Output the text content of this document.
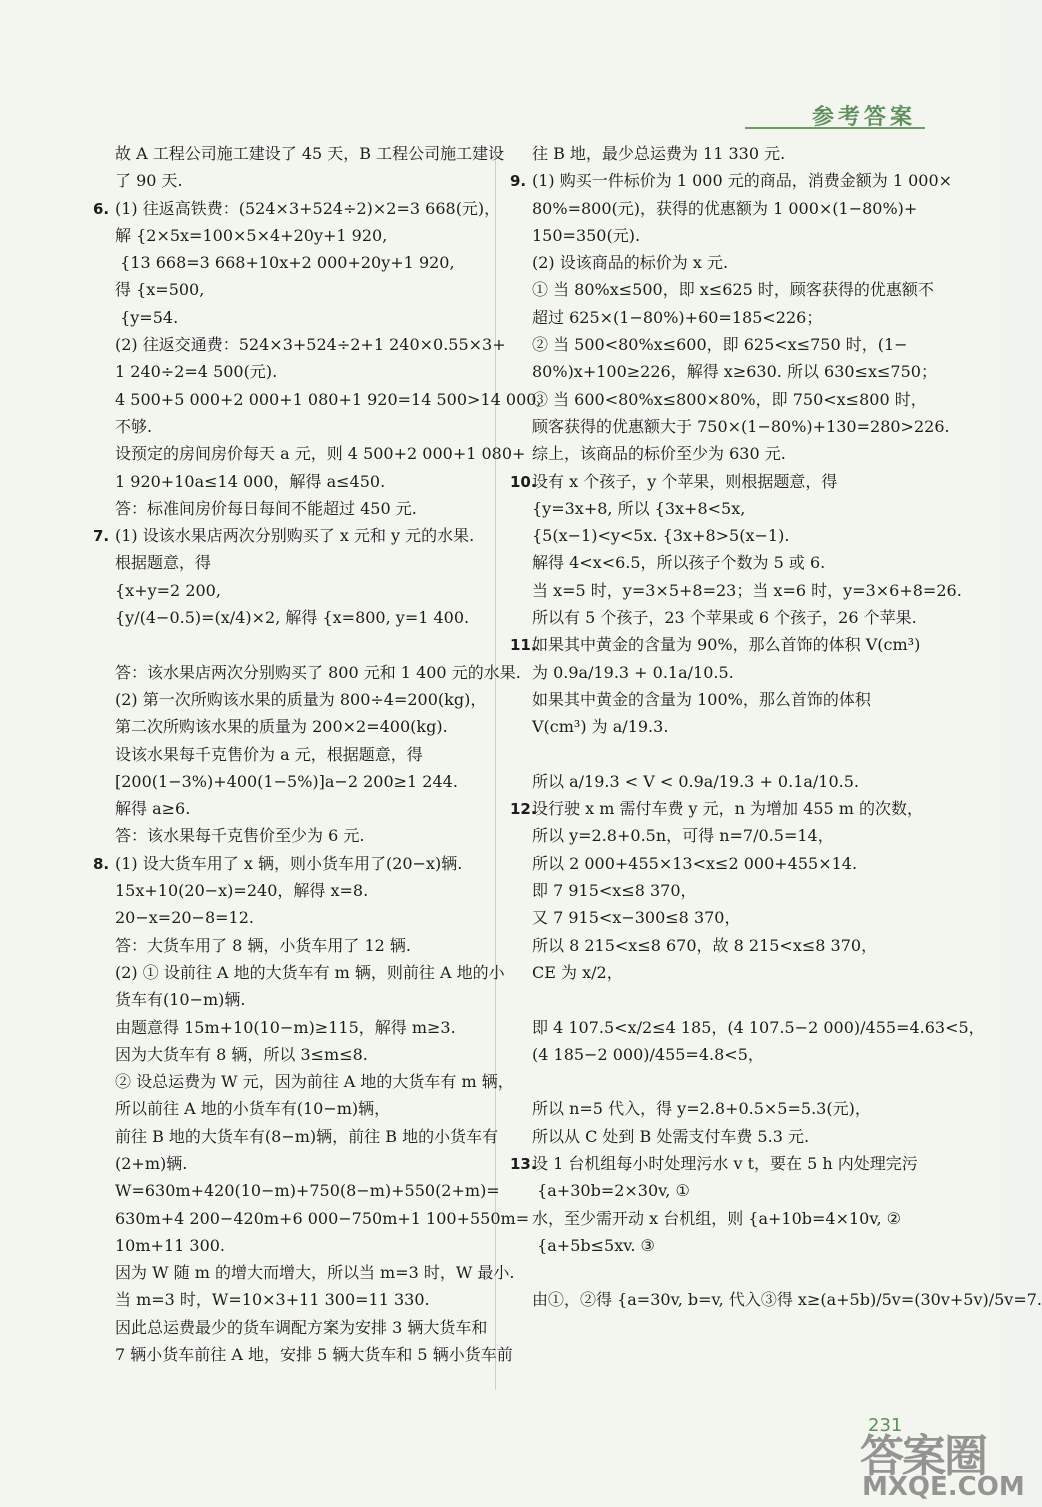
参考答案
故 A 工程公司施工建设了 45 天，B 工程公司施工建设
了 90 天.
6. (1) 往返高铁费：(524×3+524÷2)×2=3 668(元)，
解 {2×5x=100×5×4+20y+1 920,
{13 668=3 668+10x+2 000+20y+1 920,
得 {x=500,
{y=54.
(2) 往返交通费：524×3+524÷2+1 240×0.55×3+
1 240÷2=4 500(元).
4 500+5 000+2 000+1 080+1 920=14 500>14 000,
不够.
设预定的房间房价每天 a 元，则 4 500+2 000+1 080+
1 920+10a≤14 000，解得 a≤450.
答：标准间房价每日每间不能超过 450 元.
7. (1) 设该水果店两次分别购买了 x 元和 y 元的水果.
根据题意，得
{x+y=2 200,
{y/(4−0.5)=(x/4)×2, 解得 {x=800, y=1 400.
答：该水果店两次分别购买了 800 元和 1 400 元的水果.
(2) 第一次所购该水果的质量为 800÷4=200(kg)，
第二次所购该水果的质量为 200×2=400(kg).
设该水果每千克售价为 a 元，根据题意，得
[200(1−3%)+400(1−5%)]a−2 200≥1 244.
解得 a≥6.
答：该水果每千克售价至少为 6 元.
8. (1) 设大货车用了 x 辆，则小货车用了(20−x)辆.
15x+10(20−x)=240，解得 x=8.
20−x=20−8=12.
答：大货车用了 8 辆，小货车用了 12 辆.
(2) ① 设前往 A 地的大货车有 m 辆，则前往 A 地的小
货车有(10−m)辆.
由题意得 15m+10(10−m)≥115，解得 m≥3.
因为大货车有 8 辆，所以 3≤m≤8.
② 设总运费为 W 元，因为前往 A 地的大货车有 m 辆，
所以前往 A 地的小货车有(10−m)辆，
前往 B 地的大货车有(8−m)辆，前往 B 地的小货车有
(2+m)辆.
W=630m+420(10−m)+750(8−m)+550(2+m)=
630m+4 200−420m+6 000−750m+1 100+550m=
10m+11 300.
因为 W 随 m 的增大而增大，所以当 m=3 时，W 最小.
当 m=3 时，W=10×3+11 300=11 330.
因此总运费最少的货车调配方案为安排 3 辆大货车和
7 辆小货车前往 A 地，安排 5 辆大货车和 5 辆小货车前
往 B 地，最少总运费为 11 330 元.
9. (1) 购买一件标价为 1 000 元的商品，消费金额为 1 000×
80%=800(元)，获得的优惠额为 1 000×(1−80%)+
150=350(元).
(2) 设该商品的标价为 x 元.
① 当 80%x≤500，即 x≤625 时，顾客获得的优惠额不
超过 625×(1−80%)+60=185<226；
② 当 500<80%x≤600，即 625<x≤750 时，(1−
80%)x+100≥226，解得 x≥630. 所以 630≤x≤750；
③ 当 600<80%x≤800×80%，即 750<x≤800 时，
顾客获得的优惠额大于 750×(1−80%)+130=280>226.
综上，该商品的标价至少为 630 元.
10.设有 x 个孩子，y 个苹果，则根据题意，得
{y=3x+8, 所以 {3x+8<5x,
{5(x−1)<y<5x. {3x+8>5(x−1).
解得 4<x<6.5，所以孩子个数为 5 或 6.
当 x=5 时，y=3×5+8=23；当 x=6 时，y=3×6+8=26.
所以有 5 个孩子，23 个苹果或 6 个孩子，26 个苹果.
11.如果其中黄金的含量为 90%，那么首饰的体积 V(cm³)
为 0.9a/19.3 + 0.1a/10.5.
如果其中黄金的含量为 100%，那么首饰的体积
V(cm³) 为 a/19.3.
所以 a/19.3 < V < 0.9a/19.3 + 0.1a/10.5.
12.设行驶 x m 需付车费 y 元，n 为增加 455 m 的次数，
所以 y=2.8+0.5n，可得 n=7/0.5=14，
所以 2 000+455×13<x≤2 000+455×14.
即 7 915<x≤8 370，
又 7 915<x−300≤8 370，
所以 8 215<x≤8 670，故 8 215<x≤8 370，
CE 为 x/2，
即 4 107.5<x/2≤4 185，(4 107.5−2 000)/455=4.63<5，
(4 185−2 000)/455=4.8<5，
所以 n=5 代入，得 y=2.8+0.5×5=5.3(元)，
所以从 C 处到 B 处需支付车费 5.3 元.
13.设 1 台机组每小时处理污水 v t，要在 5 h 内处理完污
{a+30b=2×30v, ①
水，至少需开动 x 台机组，则 {a+10b=4×10v, ②
{a+5b≤5xv. ③
由①，②得 {a=30v, b=v, 代入③得 x≥(a+5b)/5v=(30v+5v)/5v=7.
231
答案圈
MXQE.COM
